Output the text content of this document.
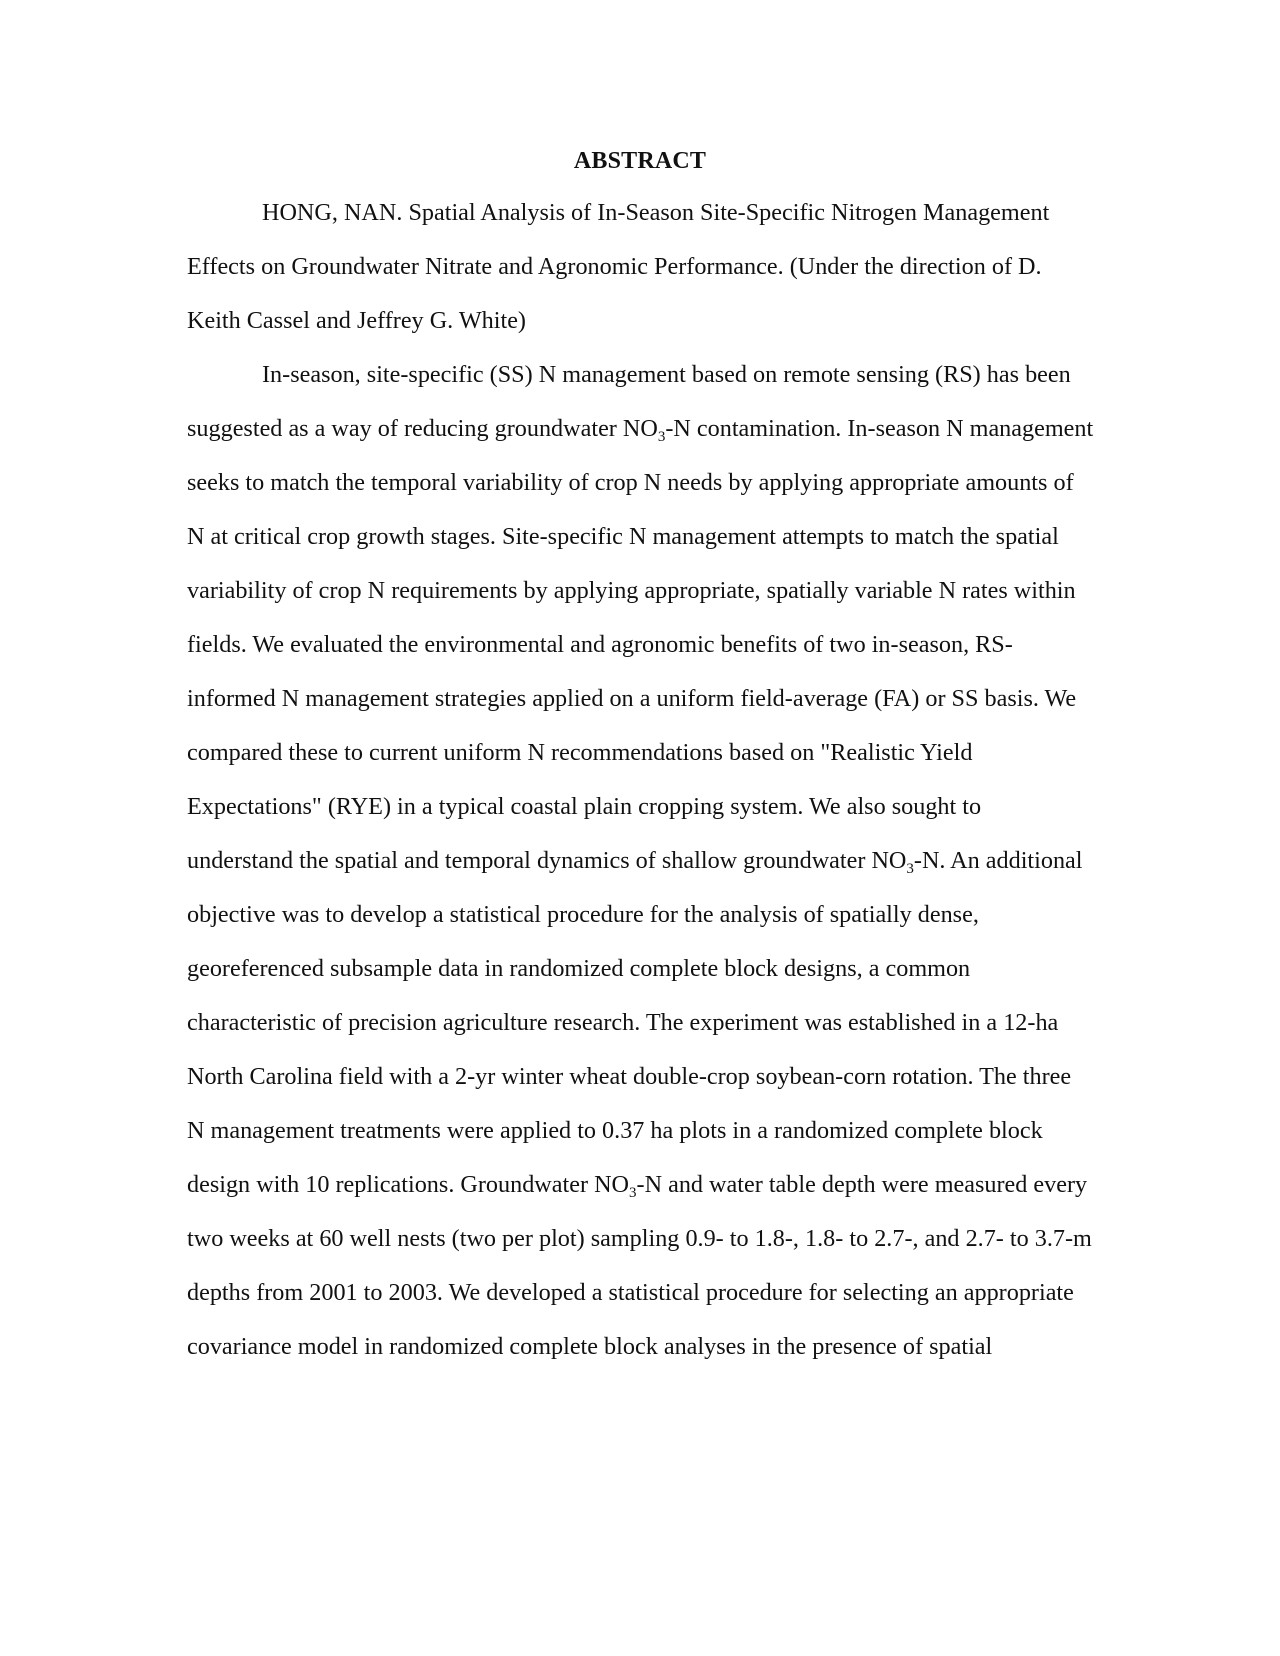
ABSTRACT
HONG, NAN. Spatial Analysis of In-Season Site-Specific Nitrogen Management
Effects on Groundwater Nitrate and Agronomic Performance. (Under the direction of D.
Keith Cassel and Jeffrey G. White)
In-season, site-specific (SS) N management based on remote sensing (RS) has been
suggested as a way of reducing groundwater $NO_3-N$ contamination. In-season N management
seeks to match the temporal variability of crop N needs by applying appropriate amounts of
N at critical crop growth stages. Site-specific N management attempts to match the spatial
variability of crop N requirements by applying appropriate, spatially variable N rates within
fields. We evaluated the environmental and agronomic benefits of two in-season, RS-
informed N management strategies applied on a uniform field-average (FA) or SS basis. We
compared these to current uniform N recommendations based on "Realistic Yield
Expectations" (RYE) in a typical coastal plain cropping system. We also sought to
understand the spatial and temporal dynamics of shallow groundwater $NO_3-N$. An additional
objective was to develop a statistical procedure for the analysis of spatially dense,
georeferenced subsample data in randomized complete block designs, a common
characteristic of precision agriculture research. The experiment was established in a 12-ha
North Carolina field with a 2-yr winter wheat double-crop soybean-corn rotation. The three
N management treatments were applied to 0.37 ha plots in a randomized complete block
design with 10 replications. Groundwater $NO_3-N$ and water table depth were measured every
two weeks at 60 well nests (two per plot) sampling 0.9- to 1.8-, 1.8- to 2.7-, and 2.7- to 3.7-m
depths from 2001 to 2003. We developed a statistical procedure for selecting an appropriate
covariance model in randomized complete block analyses in the presence of spatial
